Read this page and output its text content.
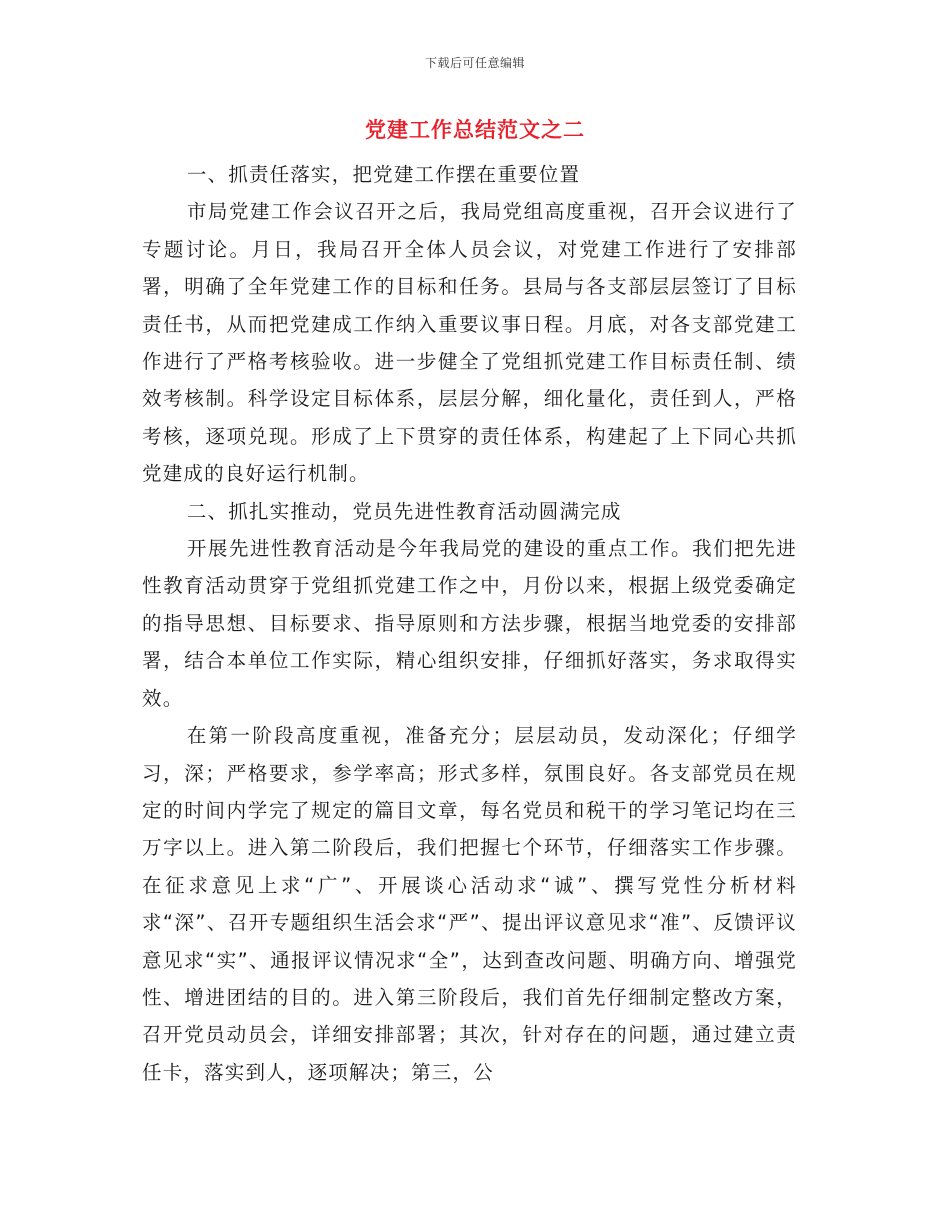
下载后可任意编辑
党建工作总结范文之二

一、抓责任落实，把党建工作摆在重要位置

市局党建工作会议召开之后，我局党组高度重视，召开会议进行了专题讨论。月日，我局召开全体人员会议，对党建工作进行了安排部署，明确了全年党建工作的目标和任务。县局与各支部层层签订了目标责任书，从而把党建成工作纳入重要议事日程。月底，对各支部党建工作进行了严格考核验收。进一步健全了党组抓党建工作目标责任制、绩效考核制。科学设定目标体系，层层分解，细化量化，责任到人，严格考核，逐项兑现。形成了上下贯穿的责任体系，构建起了上下同心共抓党建成的良好运行机制。

二、抓扎实推动，党员先进性教育活动圆满完成

开展先进性教育活动是今年我局党的建设的重点工作。我们把先进性教育活动贯穿于党组抓党建工作之中，月份以来，根据上级党委确定的指导思想、目标要求、指导原则和方法步骤，根据当地党委的安排部署，结合本单位工作实际，精心组织安排，仔细抓好落实，务求取得实效。

在第一阶段高度重视，准备充分；层层动员，发动深化；仔细学习，深；严格要求，参学率高；形式多样，氛围良好。各支部党员在规定的时间内学完了规定的篇目文章，每名党员和税干的学习笔记均在三万字以上。进入第二阶段后，我们把握七个环节，仔细落实工作步骤。在征求意见上求“广”、开展谈心活动求“诚”、撰写党性分析材料求“深”、召开专题组织生活会求“严”、提出评议意见求“准”、反馈评议意见求“实”、通报评议情况求“全”，达到查改问题、明确方向、增强党性、增进团结的目的。进入第三阶段后，我们首先仔细制定整改方案，召开党员动员会，详细安排部署；其次，针对存在的问题，通过建立责任卡，落实到人，逐项解决；第三，公
